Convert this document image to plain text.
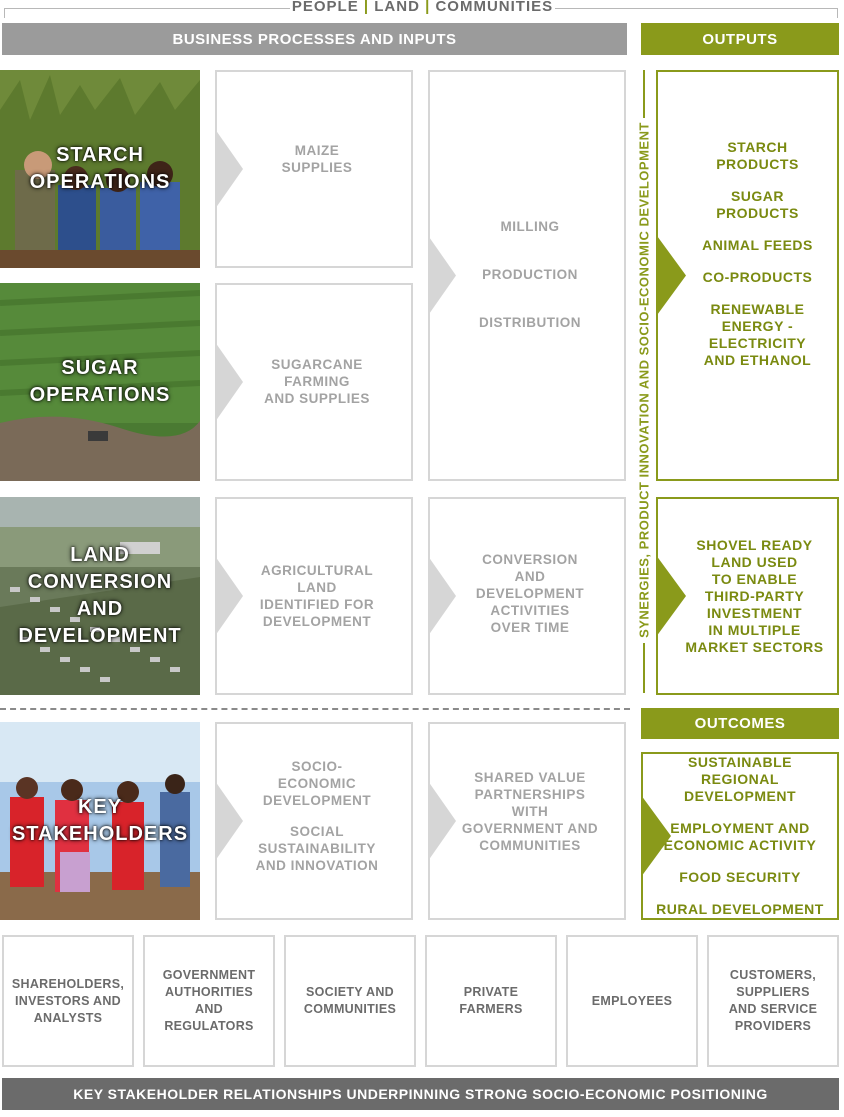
PEOPLE | LAND | COMMUNITIES
BUSINESS PROCESSES AND INPUTS	OUTPUTS
STARCH
OPERATIONS
SUGAR
OPERATIONS
LAND
CONVERSION
AND
DEVELOPMENT
KEY
STAKEHOLDERS
MAIZE
SUPPLIES
SUGARCANE
FARMING
AND SUPPLIES
AGRICULTURAL
LAND
IDENTIFIED FOR
DEVELOPMENT
SOCIO-ECONOMIC
DEVELOPMENT
SOCIAL
SUSTAINABILITY
AND INNOVATION
MILLING
PRODUCTION
DISTRIBUTION
CONVERSION
AND
DEVELOPMENT
ACTIVITIES
OVER TIME
SHARED VALUE
PARTNERSHIPS
WITH
GOVERNMENT AND
COMMUNITIES
SYNERGIES, PRODUCT INNOVATION AND SOCIO-ECONOMIC DEVELOPMENT	STARCH
PRODUCTS
SUGAR
PRODUCTS
ANIMAL FEEDS
CO-PRODUCTS
RENEWABLE
ENERGY -
ELECTRICITY
AND ETHANOL
SHOVEL READY
LAND USED
TO ENABLE
THIRD-PARTY
INVESTMENT
IN MULTIPLE
MARKET SECTORS
OUTCOMES
SUSTAINABLE REGIONAL
DEVELOPMENT
EMPLOYMENT AND
ECONOMIC ACTIVITY
FOOD SECURITY
RURAL DEVELOPMENT
SHAREHOLDERS,
INVESTORS AND
ANALYSTS
GOVERNMENT
AUTHORITIES AND
REGULATORS
SOCIETY AND
COMMUNITIES
PRIVATE
FARMERS
EMPLOYEES
CUSTOMERS,
SUPPLIERS
AND SERVICE
PROVIDERS
KEY STAKEHOLDER RELATIONSHIPS UNDERPINNING STRONG SOCIO-ECONOMIC POSITIONING
